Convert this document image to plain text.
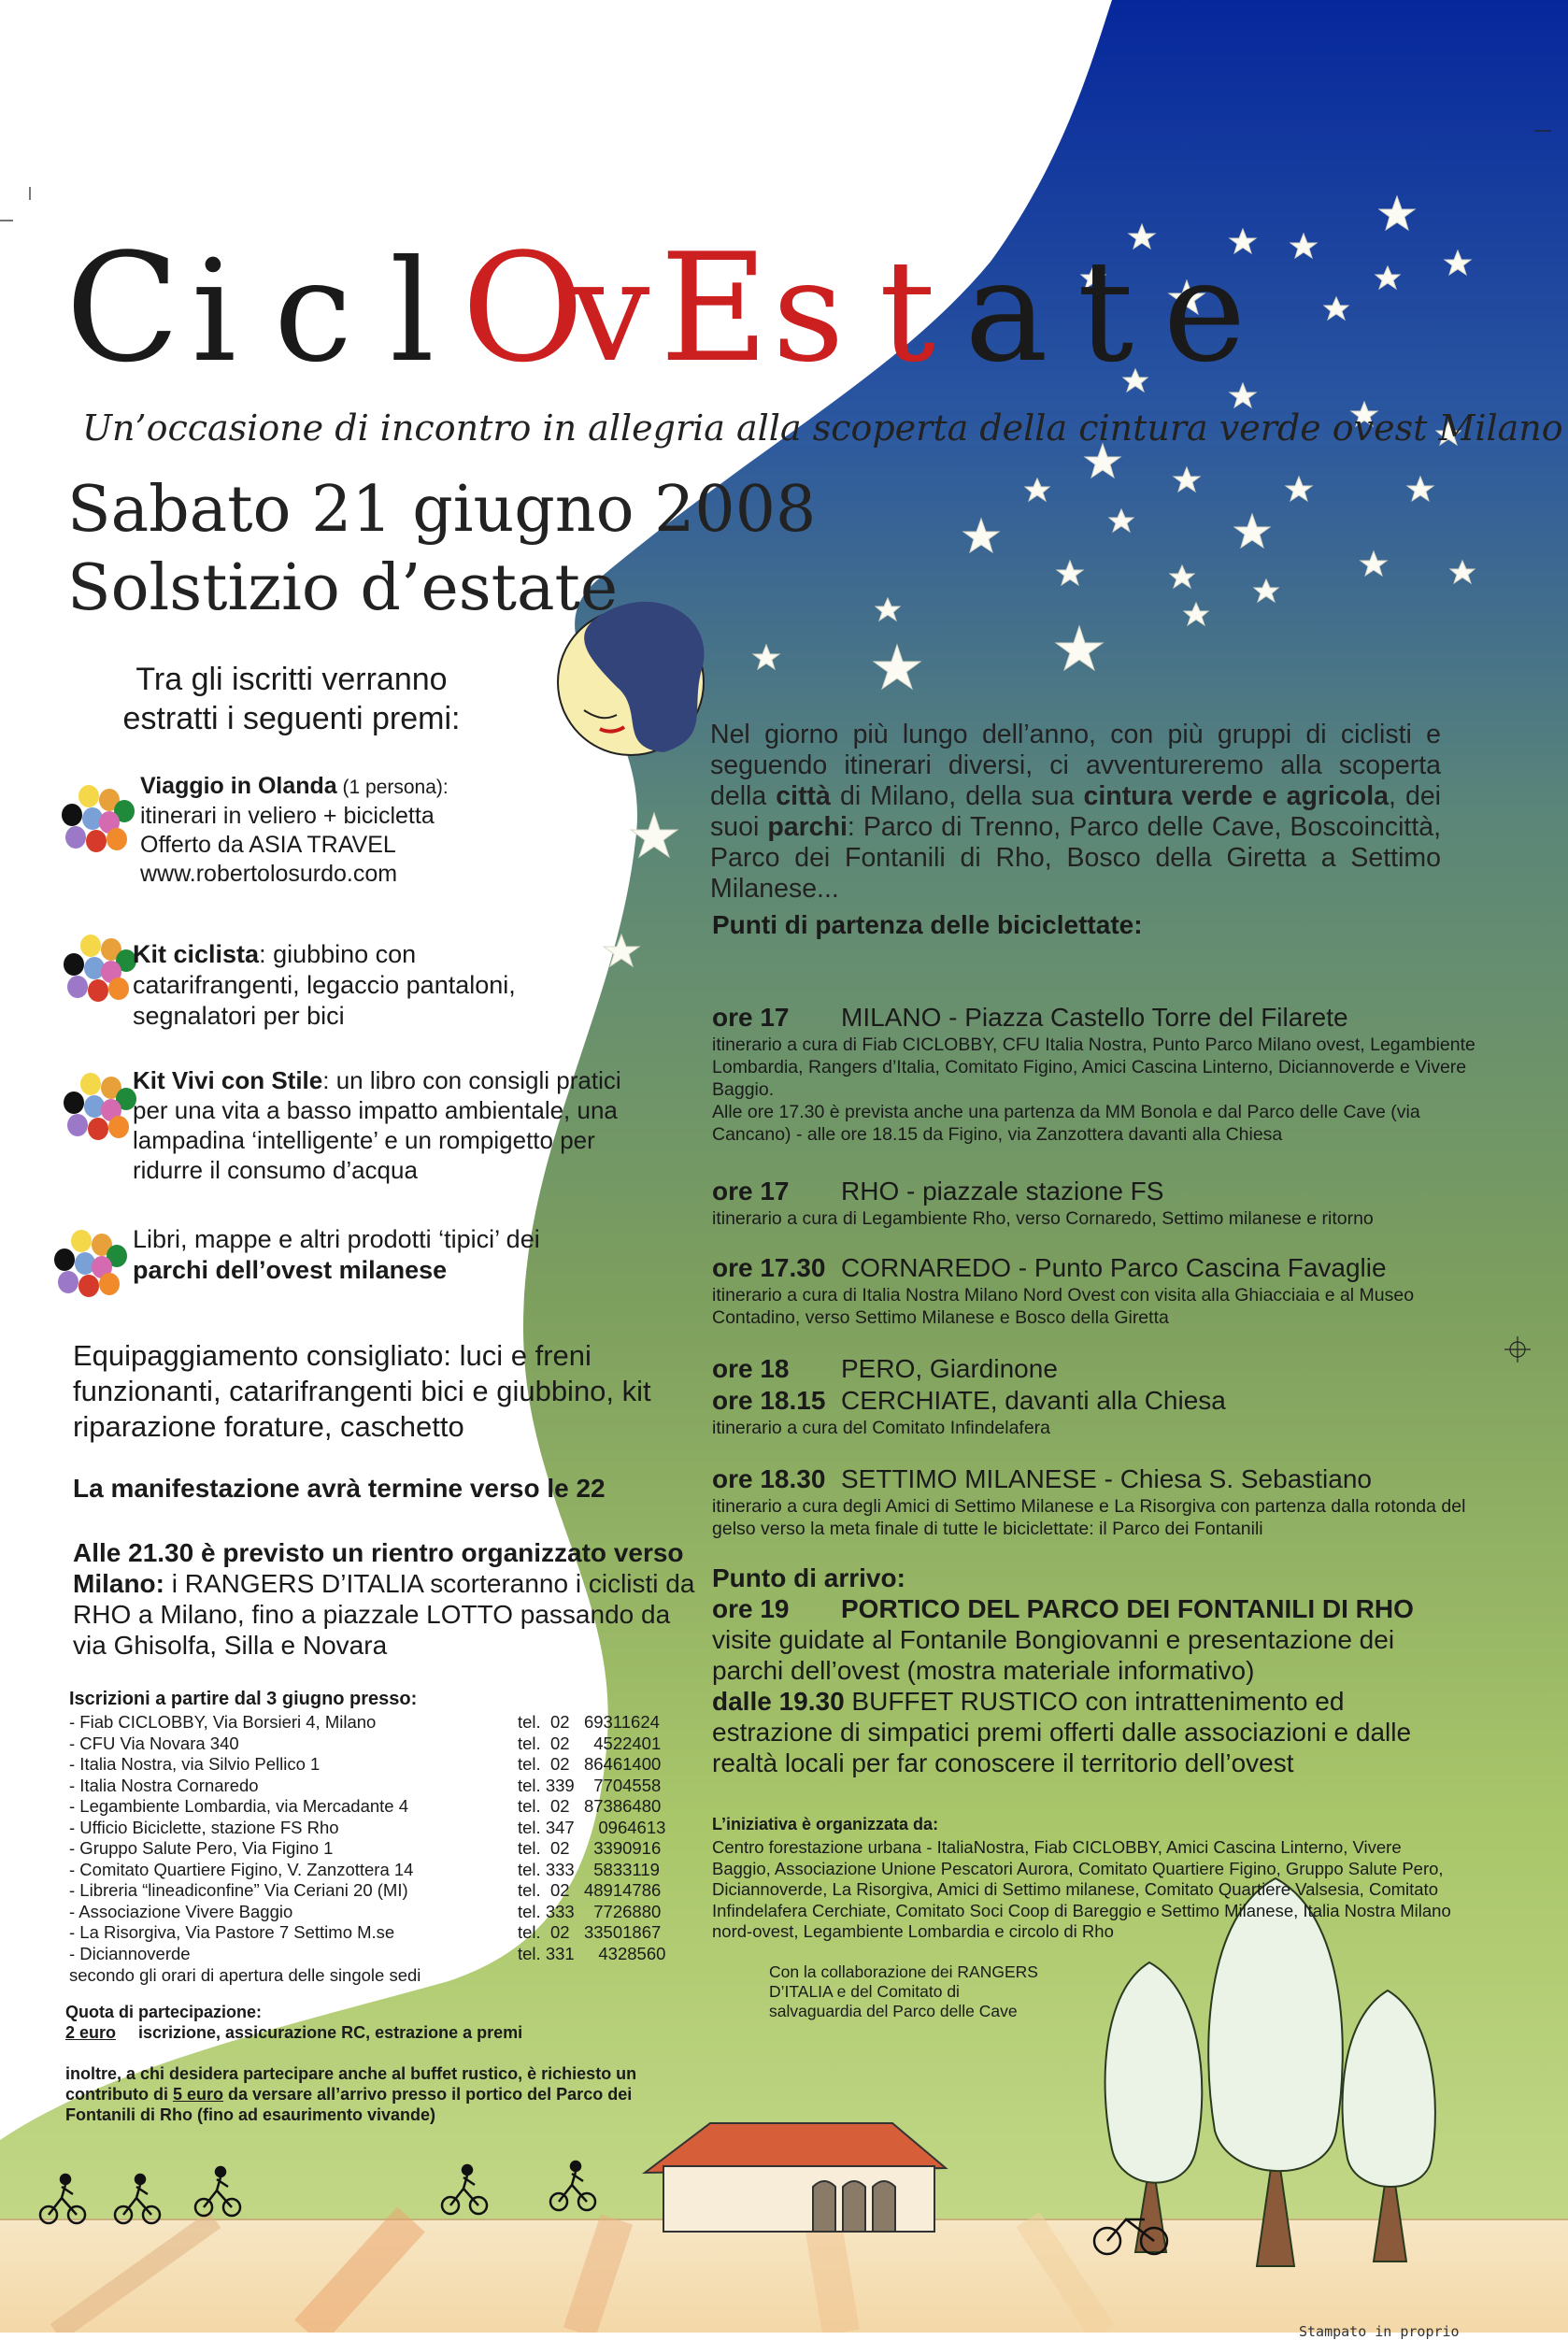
Ci c l OvEs t a t e
Un’occasione di incontro in allegria alla scoperta della cintura verde ovest Milano
Sabato 21 giugno 2008
Solstizio d’estate
Tra gli iscritti verranno estratti i seguenti premi:
Viaggio in Olanda (1 persona):
itinerari in veliero + bicicletta
Offerto da ASIA TRAVEL
www.robertolosurdo.com
Kit ciclista: giubbino con catarifrangenti, legaccio pantaloni, segnalatori per bici
Kit Vivi con Stile: un libro con consigli pratici per una vita a basso impatto ambientale, una lampadina ‘intelligente’ e un rompigetto per ridurre il consumo d’acqua
Libri, mappe e altri prodotti ‘tipici’ dei parchi dell’ovest milanese
Equipaggiamento consigliato: luci e freni funzionanti, catarifrangenti bici e giubbino, kit riparazione forature, caschetto
La manifestazione avrà termine verso le 22
Alle 21.30 è previsto un rientro organizzato verso Milano: i RANGERS D’ITALIA scorteranno i ciclisti da RHO a Milano, fino a piazzale LOTTO passando da via Ghisolfa, Silla e Novara
Iscrizioni a partire dal 3 giugno presso:
- Fiab CICLOBBY, Via Borsieri 4, Milano	tel.  02   69311624
- CFU Via Novara 340	tel.  02     4522401
- Italia Nostra, via Silvio Pellico 1	tel.  02   86461400
- Italia Nostra Cornaredo	tel. 339    7704558
- Legambiente Lombardia, via Mercadante 4	tel.  02   87386480
- Ufficio Biciclette, stazione FS Rho	tel. 347     0964613
- Gruppo Salute Pero, Via Figino 1	tel.  02     3390916
- Comitato Quartiere Figino, V. Zanzottera 14	tel. 333    5833119
- Libreria “lineadiconfine” Via Ceriani 20 (MI)	tel.  02   48914786
- Associazione Vivere Baggio	tel. 333    7726880
- La Risorgiva, Via Pastore 7 Settimo M.se	tel.  02   33501867
- Diciannoverde	tel. 331     4328560
secondo gli orari di apertura delle singole sedi
Quota di partecipazione:
2 euro iscrizione, assicurazione RC, estrazione a premi
inoltre, a chi desidera partecipare anche al buffet rustico, è richiesto un contributo di 5 euro da versare all’arrivo presso il portico del Parco dei Fontanili di Rho (fino ad esaurimento vivande)
Nel giorno più lungo dell’anno, con più gruppi di ciclisti e seguendo itinerari diversi, ci avventureremo alla scoperta della città di Milano, della sua cintura verde e agricola, dei suoi parchi: Parco di Trenno, Parco delle Cave, Boscoincittà, Parco dei Fontanili di Rho, Bosco della Giretta a Settimo Milanese...
Punti di partenza delle biciclettate:
ore 17 MILANO - Piazza Castello Torre del Filarete
itinerario a cura di Fiab CICLOBBY, CFU Italia Nostra, Punto Parco Milano ovest, Legambiente Lombardia, Rangers d’Italia, Comitato Figino, Amici Cascina Linterno, Diciannoverde e Vivere Baggio.
Alle ore 17.30 è prevista anche una partenza da MM Bonola e dal Parco delle Cave (via Cancano) - alle ore 18.15 da Figino, via Zanzottera davanti alla Chiesa
ore 17 RHO - piazzale stazione FS
itinerario a cura di Legambiente Rho, verso Cornaredo, Settimo milanese e ritorno
ore 17.30 CORNAREDO - Punto Parco Cascina Favaglie
itinerario a cura di Italia Nostra Milano Nord Ovest con visita alla Ghiacciaia e al Museo Contadino, verso Settimo Milanese e Bosco della Giretta
ore 18 PERO, Giardinone
ore 18.15 CERCHIATE, davanti alla Chiesa
itinerario a cura del Comitato Infindelafera
ore 18.30 SETTIMO MILANESE - Chiesa S. Sebastiano
itinerario a cura degli Amici di Settimo Milanese e La Risorgiva con partenza dalla rotonda del gelso verso la meta finale di tutte le biciclettate: il Parco dei Fontanili
Punto di arrivo:
ore 19 PORTICO DEL PARCO DEI FONTANILI DI RHO
visite guidate al Fontanile Bongiovanni e presentazione dei parchi dell’ovest (mostra materiale informativo)
dalle 19.30 BUFFET RUSTICO con intrattenimento ed estrazione di simpatici premi offerti dalle associazioni e dalle realtà locali per far conoscere il territorio dell’ovest
L’iniziativa è organizzata da:
Centro forestazione urbana - ItaliaNostra, Fiab CICLOBBY, Amici Cascina Linterno, Vivere Baggio, Associazione Unione Pescatori Aurora, Comitato Quartiere Figino, Gruppo Salute Pero, Diciannoverde, La Risorgiva, Amici di Settimo milanese, Comitato Quartiere Valsesia, Comitato Infindelafera Cerchiate, Comitato Soci Coop di Bareggio e Settimo Milanese, Italia Nostra Milano nord-ovest, Legambiente Lombardia e circolo di Rho
Con la collaborazione dei RANGERS D’ITALIA e del Comitato di salvaguardia del Parco delle Cave
Stampato in proprio
